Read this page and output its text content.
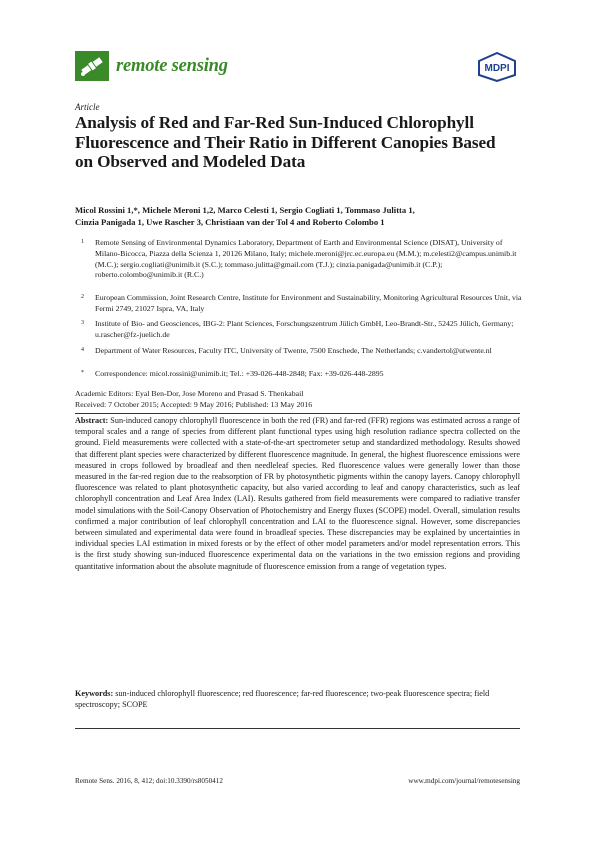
remote sensing	MDPI
Article
Analysis of Red and Far-Red Sun-Induced Chlorophyll Fluorescence and Their Ratio in Different Canopies Based on Observed and Modeled Data
Micol Rossini 1,*, Michele Meroni 1,2, Marco Celesti 1, Sergio Cogliati 1, Tommaso Julitta 1,
Cinzia Panigada 1, Uwe Rascher 3, Christiaan van der Tol 4 and Roberto Colombo 1
1 Remote Sensing of Environmental Dynamics Laboratory, Department of Earth and Environmental Science (DISAT), University of Milano-Bicocca, Piazza della Scienza 1, 20126 Milano, Italy; michele.meroni@jrc.ec.europa.eu (M.M.); m.celesti2@campus.unimib.it (M.C.); sergio.cogliati@unimib.it (S.C.); tommaso.julitta@gmail.com (T.J.); cinzia.panigada@unimib.it (C.P.); roberto.colombo@unimib.it (R.C.)
2 European Commission, Joint Research Centre, Institute for Environment and Sustainability, Monitoring Agricultural Resources Unit, via Fermi 2749, 21027 Ispra, VA, Italy
3 Institute of Bio- and Geosciences, IBG-2: Plant Sciences, Forschungszentrum Jülich GmbH, Leo-Brandt-Str., 52425 Jülich, Germany; u.rascher@fz-juelich.de
4 Department of Water Resources, Faculty ITC, University of Twente, 7500 Enschede, The Netherlands; c.vandertol@utwente.nl
* Correspondence: micol.rossini@unimib.it; Tel.: +39-026-448-2848; Fax: +39-026-448-2895
Academic Editors: Eyal Ben-Dor, Jose Moreno and Prasad S. Thenkabail
Received: 7 October 2015; Accepted: 9 May 2016; Published: 13 May 2016
Abstract: Sun-induced canopy chlorophyll fluorescence in both the red (FR) and far-red (FFR) regions was estimated across a range of temporal scales and a range of species from different plant functional types using high resolution radiance spectra collected on the ground. Field measurements were collected with a state-of-the-art spectrometer setup and standardized methodology. Results showed that different plant species were characterized by different fluorescence magnitude. In general, the highest fluorescence emissions were measured in crops followed by broadleaf and then needleleaf species. Red fluorescence values were generally lower than those measured in the far-red region due to the reabsorption of FR by photosynthetic pigments within the canopy layers. Canopy chlorophyll fluorescence was related to plant photosynthetic capacity, but also varied according to leaf and canopy characteristics, such as leaf chlorophyll concentration and Leaf Area Index (LAI). Results gathered from field measurements were compared to radiative transfer model simulations with the Soil-Canopy Observation of Photochemistry and Energy fluxes (SCOPE) model. Overall, simulation results confirmed a major contribution of leaf chlorophyll concentration and LAI to the fluorescence signal. However, some discrepancies between simulated and experimental data were found in broadleaf species. These discrepancies may be explained by uncertainties in individual species LAI estimation in mixed forests or by the effect of other model parameters and/or model representation errors. This is the first study showing sun-induced fluorescence experimental data on the variations in the two emission regions and providing quantitative information about the absolute magnitude of fluorescence emission from a range of vegetation types.
Keywords: sun-induced chlorophyll fluorescence; red fluorescence; far-red fluorescence; two-peak fluorescence spectra; field spectroscopy; SCOPE
Remote Sens. 2016, 8, 412; doi:10.3390/rs8050412	www.mdpi.com/journal/remotesensing
